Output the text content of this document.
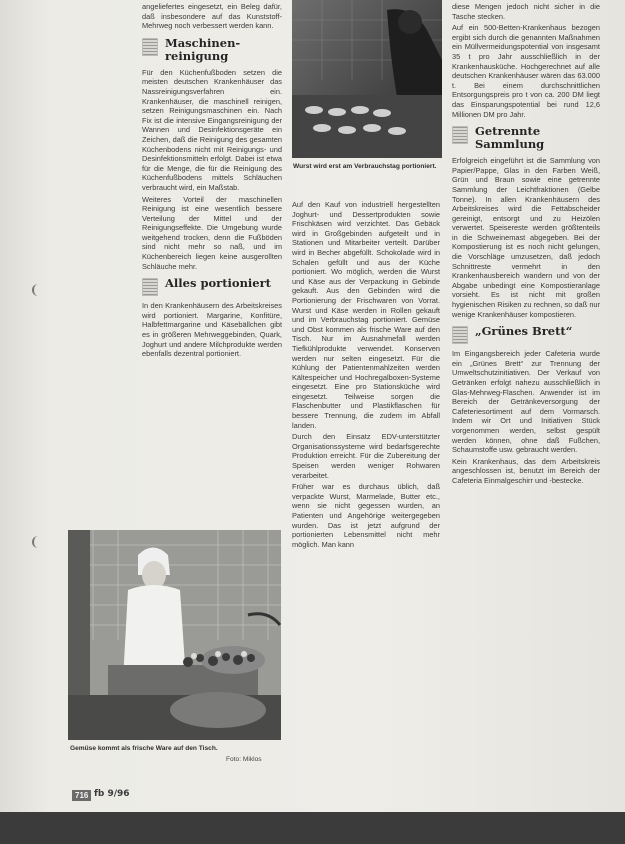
angeliefertes eingesetzt, ein Beleg dafür, daß insbesondere auf das Kunststoff-Mehrweg noch verbessert werden kann.

Maschinen-
reinigung

Für den Küchenfußboden setzen die meisten deutschen Krankenhäuser das Nassreinigungsverfahren ein. Krankenhäuser, die maschinell reinigen, setzen Reinigungsmaschinen ein. Nach Fix ist die intensive Eingangsreinigung der Wannen und Desinfektionsgeräte ein Zeichen, daß die Reinigung des gesamten Küchenbodens nicht mit Reinigungs- und Desinfektionsmitteln erfolgt. Dabei ist etwa für die Menge, die für die Reinigung des Küchenfußbodens mittels Schläuchen verbraucht wird, ein Maßstab.

Weiteres Vorteil der maschinellen Reinigung ist eine wesentlich bessere Verteilung der Mittel und der Reinigungseffekte. Die Umgebung wurde weitgehend trocken, denn die Fußböden sind nicht mehr so naß, und im Küchenbereich liegen keine ausgerollten Schläuche mehr.

Alles portioniert

In den Krankenhäusern des Arbeitskreises wird portioniert. Margarine, Konfitüre, Halbfettmargarine und Käsebällchen gibt es in größeren Mehrweggebinden, Quark, Joghurt und andere Milchprodukte werden ebenfalls dezentral portioniert.

Wurst wird erst am Verbrauchstag portioniert.

Auf den Kauf von industriell hergestellten Joghurt- und Dessertprodukten sowie Frischkäsen wird verzichtet. Das Gebäck wird in Großgebinden aufgeteilt und in Stationen und Mitarbeiter verteilt. Darüber wird in Becher abgefüllt. Schokolade wird in Schalen gefüllt und aus der Küche portioniert. Wo möglich, werden die Wurst und Käse aus der Verpackung in Gebinde gekauft. Aus den Gebinden wird die Portionierung der Frischwaren von Vorrat. Wurst und Käse werden in Rollen gekauft und im Verbrauchstag portioniert. Gemüse und Obst kommen als frische Ware auf den Tisch. Nur im Ausnahmefall werden Tiefkühlprodukte verwendet. Konserven werden nur selten eingesetzt. Für die Kühlung der Patientenmahlzeiten werden Kältespeicher und Hochregalboxen-Systeme eingesetzt. Eine pro Stationsküche wird eingesetzt. Teilweise sorgen die Flaschenbutter und Plastikflaschen für bessere Trennung, die zudem im Abfall landen.

Durch den Einsatz EDV-unterstützter Organisationssysteme wird bedarfsgerechte Produktion erreicht. Für die Zubereitung der Speisen werden weniger Rohwaren verarbeitet.

Früher war es durchaus üblich, daß verpackte Wurst, Marmelade, Butter etc., wenn sie nicht gegessen wurden, an Patienten und Angehörige weitergegeben wurden. Das ist jetzt aufgrund der portionierten Lebensmittel nicht mehr möglich. Man kann

diese Mengen jedoch nicht sicher in die Tasche stecken.

Auf ein 500-Betten-Krankenhaus bezogen ergibt sich durch die genannten Maßnahmen ein Müllvermeidungspotential von insgesamt 35 t pro Jahr ausschließlich in der Krankenhausküche. Hochgerechnet auf alle deutschen Krankenhäuser wären das 63.000 t. Bei einem durchschnittlichen Entsorgungspreis pro t von ca. 200 DM liegt das Einsparungspotential bei rund 12,6 Millionen DM pro Jahr.

Getrennte
Sammlung

Erfolgreich eingeführt ist die Sammlung von Papier/Pappe, Glas in den Farben Weiß, Grün und Braun sowie eine getrennte Sammlung der Leichtfraktionen (Gelbe Tonne). In allen Krankenhäusern des Arbeitskreises wird die Fettabscheider gereinigt, entsorgt und zu Heizölen verwertet. Speisereste werden größtenteils in die Schweinemast abgegeben. Bei der Kompostierung ist es noch nicht gelungen, die Vorschläge umzusetzen, daß jedoch Schnittreste vermehrt in den Krankenhausbereich wandern und von der Abgabe unbedingt eine Kompostieranlage vorsieht. Es ist nicht mit großen hygienischen Risiken zu rechnen, so daß nur wenige Krankenhäuser kompostieren.

„Grünes Brett“

Im Eingangsbereich jeder Cafeteria wurde ein „Grünes Brett“ zur Trennung der Umweltschutzinitiativen. Der Verkauf von Getränken erfolgt nahezu ausschließlich in Glas-Mehrweg-Flaschen. Anwender ist im Bereich der Getränkeversorgung der Cafeteriesortiment auf dem Vormarsch. Indem wir Ort und Initiativen Stück vorgenommen werden, selbst gespült werden können, ohne daß Fußchen, Schaumstoffe usw. gebraucht werden.

Kein Krankenhaus, das dem Arbeitskreis angeschlossen ist, benutzt im Bereich der Cafeteria Einmalgeschirr und -bestecke.

Gemüse kommt als frische Ware auf den Tisch.
Foto: Miklos
716 fb 9/96
